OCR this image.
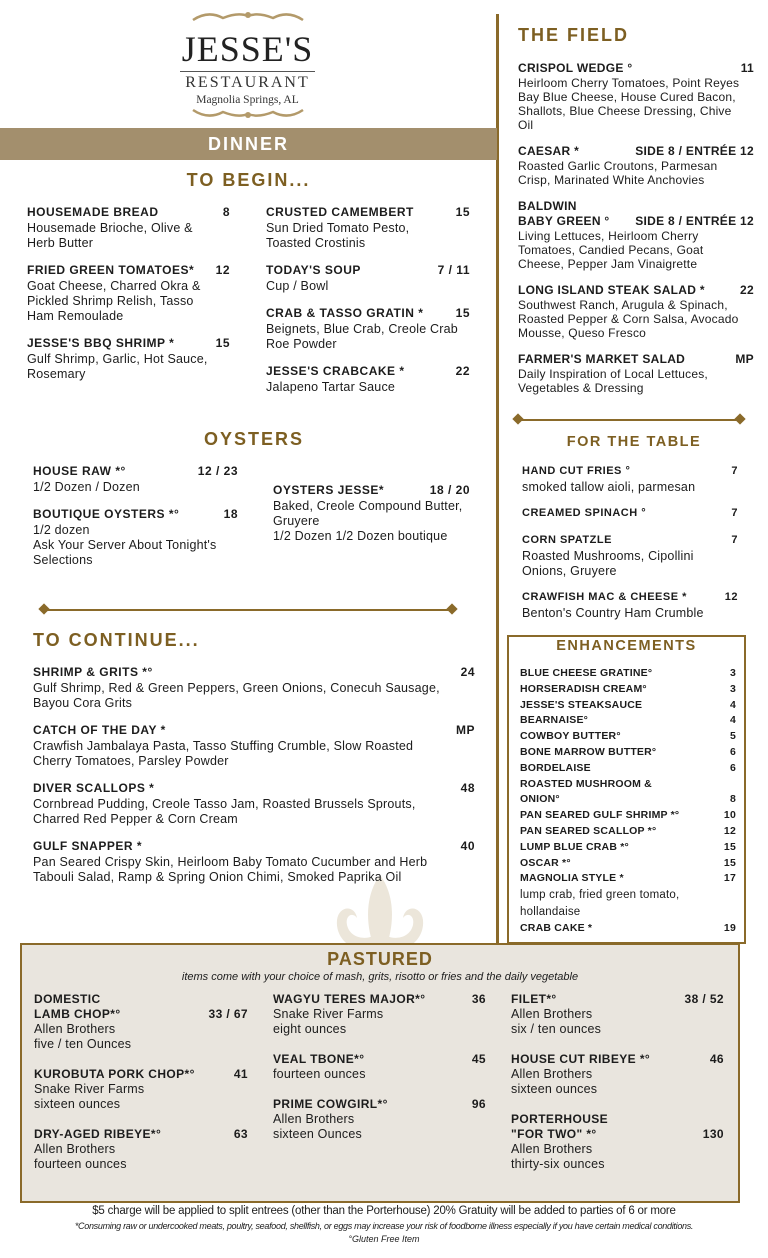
JESSE'S
RESTAURANT
Magnolia Springs, AL
DINNER
TO BEGIN...
HOUSEMADE BREAD	8
Housemade Brioche, Olive &
Herb Butter
FRIED GREEN TOMATOES*	12
Goat Cheese, Charred Okra &
Pickled Shrimp Relish, Tasso
Ham Remoulade
JESSE'S BBQ SHRIMP *	15
Gulf Shrimp, Garlic, Hot Sauce,
Rosemary
CRUSTED CAMEMBERT	15
Sun Dried Tomato Pesto,
Toasted Crostinis
TODAY'S SOUP	7 / 11
Cup / Bowl
CRAB & TASSO GRATIN *	15
Beignets, Blue Crab, Creole Crab
Roe Powder
JESSE'S CRABCAKE *	22
Jalapeno Tartar Sauce
OYSTERS
HOUSE RAW *°	12 / 23
1/2 Dozen / Dozen
BOUTIQUE OYSTERS *°	18
1/2 dozen
Ask Your Server About Tonight's
Selections
OYSTERS JESSE*	18 / 20
Baked, Creole Compound Butter,
Gruyere
1/2 Dozen 1/2 Dozen boutique
TO CONTINUE...
SHRIMP & GRITS *°	24
Gulf Shrimp, Red & Green Peppers, Green Onions, Conecuh Sausage,
Bayou Cora Grits
CATCH OF THE DAY *	MP
Crawfish Jambalaya Pasta, Tasso Stuffing Crumble, Slow Roasted
Cherry Tomatoes, Parsley Powder
DIVER SCALLOPS *	48
Cornbread Pudding, Creole Tasso Jam, Roasted Brussels Sprouts,
Charred Red Pepper & Corn Cream
GULF SNAPPER *	40
Pan Seared Crispy Skin, Heirloom Baby Tomato Cucumber and Herb
Tabouli Salad, Ramp & Spring Onion Chimi, Smoked Paprika Oil
THE FIELD
CRISPOL WEDGE °	11
Heirloom Cherry Tomatoes, Point Reyes
Bay Blue Cheese, House Cured Bacon,
Shallots, Blue Cheese Dressing, Chive
Oil
CAESAR *	SIDE 8 / ENTRÉE 12
Roasted Garlic Croutons, Parmesan
Crisp, Marinated White Anchovies
BALDWIN
BABY GREEN °	SIDE 8 / ENTRÉE 12
Living Lettuces, Heirloom Cherry
Tomatoes, Candied Pecans, Goat
Cheese, Pepper Jam Vinaigrette
LONG ISLAND STEAK SALAD *	22
Southwest Ranch, Arugula & Spinach,
Roasted Pepper & Corn Salsa, Avocado
Mousse, Queso Fresco
FARMER'S MARKET SALAD	MP
Daily Inspiration of Local Lettuces,
Vegetables & Dressing
FOR THE TABLE
HAND CUT FRIES °	7
smoked tallow aioli, parmesan
CREAMED SPINACH °	7
CORN SPATZLE	7
Roasted Mushrooms, Cipollini
Onions, Gruyere
CRAWFISH MAC & CHEESE *	12
Benton's Country Ham Crumble
ENHANCEMENTS
BLUE CHEESE GRATINE°	3
HORSERADISH CREAM°	3
JESSE'S STEAKSAUCE	4
BEARNAISE°	4
COWBOY BUTTER°	5
BONE MARROW BUTTER°	6
BORDELAISE	6
ROASTED MUSHROOM &
ONION°	8
PAN SEARED GULF SHRIMP *°	10
PAN SEARED SCALLOP *°	12
LUMP BLUE CRAB *°	15
OSCAR *°	15
MAGNOLIA STYLE *	17
lump crab, fried green tomato,
hollandaise
CRAB CAKE *	19
PASTURED
items come with your choice of mash, grits, risotto or fries and the daily vegetable
DOMESTIC
LAMB CHOP*°	33 / 67
Allen Brothers
five / ten Ounces
KUROBUTA PORK CHOP*°	41
Snake River Farms
sixteen ounces
DRY-AGED RIBEYE*°	63
Allen Brothers
fourteen ounces
WAGYU TERES MAJOR*°	36
Snake River Farms
eight ounces
VEAL TBONE*°	45
fourteen ounces
PRIME COWGIRL*°	96
Allen Brothers
sixteen Ounces
FILET*°	38 / 52
Allen Brothers
six / ten ounces
HOUSE CUT RIBEYE *°	46
Allen Brothers
sixteen ounces
PORTERHOUSE
"FOR TWO" *°	130
Allen Brothers
thirty-six ounces
$5 charge will be applied to split entrees (other than the Porterhouse) 20% Gratuity will be added to parties of 6 or more
*Consuming raw or undercooked meats, poultry, seafood, shellfish, or eggs may increase your risk of foodborne illness especially if you have certain medical conditions.
°Gluten Free Item
